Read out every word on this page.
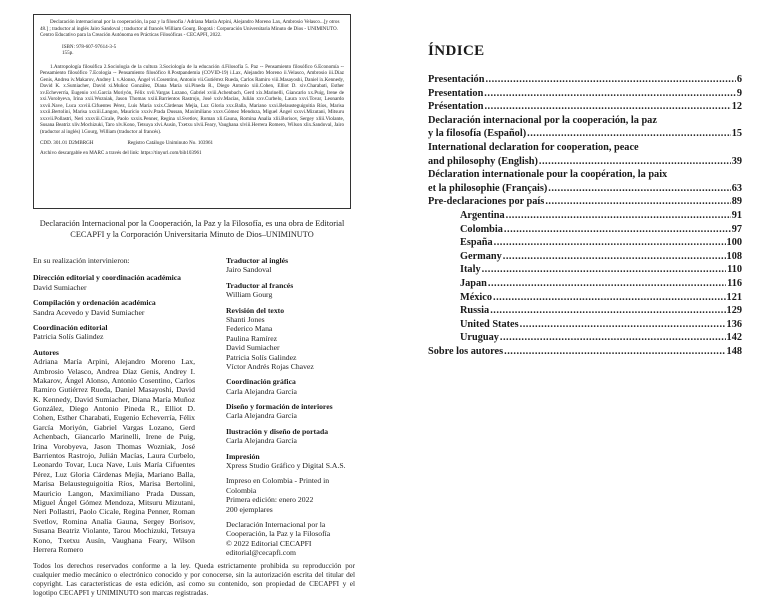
Declaración internacional por la cooperación, la paz y la filosofía / Adriana María Arpini, Alejandro Moreno Lax, Ambrosio Velasco...[y otros 48.] ; traductor al inglés Jairo Sandoval ; traductor al francés William Gourg. Bogotá : Corporación Universitaria Minuto de Dios - UNIMINUTO. Centro Educativo para la Creación Autónoma en Prácticas Filosóficas - CECAPFI, 2022.

ISBN: 978-607-97614-3-5
155p.

1.Antropología filosófica 2.Sociología de la cultura 3.Sociología de la educación 4.Filosofía 5. Paz -- Pensamiento filosófico 6.Economía -- Pensamiento filosófico 7.Ecología -- Pensamiento filosófico 8.Postpandemia (COVID-19) i.Lax, Alejandro Moreno ii.Velasco, Ambrosio iii.Díaz Genis, Andrea iv.Makarov, Andrey I. v.Alonso, Ángel vi.Cosentino, Antonio vii.Gutiérrez Rueda, Carlos Ramiro viii.Masayoshi, Daniel ix.Kennedy, David K. x.Sumiacher, David xi.Muñoz González, Diana María xii.Pineda R., Diego Antonio xiii.Cohen, Elliot D. xiv.Charabati, Esther xv.Echeverría, Eugenio xvi.García Moriyón, Félix xvii.Vargas Lozano, Gabriel xviii.Achenbach, Gerd xix.Marinelli, Giancarlo xx.Puig, Irene de xxi.Vorobyeva, Irina xxii.Wozniak, Jason Thomas xxiii.Barrientos Rastrojo, José xxiv.Macías, Julián xxv.Curbelo, Laura xxvi.Tovar, Leonardo xxvii.Nave, Luca xxviii.Cifuentes Pérez, Luis María xxix.Cárdenas Mejía, Luz Gloria xxx.Balla, Mariano xxxi.Belausteguigoitia Ríos, Marisa xxxii.Bertolini, Marisa xxxiii.Langon, Mauricio xxxiv.Prada Dussan, Maximiliano xxxv.Gómez Mendoza, Miguel Ángel xxxvi.Mizutani, Mitsuru xxxvii.Pollastri, Neri xxxviii.Cicale, Paolo xxxix.Penner, Regina xl.Svetlov, Roman xli.Gauna, Romina Analía xlii.Borisov, Sergey xliii.Violante, Susana Beatriz xliv.Mochizuki, Taro xlv.Kono, Tetsuya xlvi.Ausín, Txetxu xlvii.Feary, Vaughana xlviii.Herrera Romero, Wilson xlix.Sandoval, Jairo (traductor al inglés) l.Gourg, William (traductor al francés).

CDD. 301.01 D2MBRGH	Registro Catálogo Uniminuto No. 103961

Archivo descargable en MARC a través del link: https://tinyurl.com/bib103961

Declaración Internacional por la Cooperación, la Paz y la Filosofía, es una obra de Editorial CECAPFI y la Corporación Universitaria Minuto de Dios–UNIMINUTO

En su realización intervinieron:

Dirección editorial y coordinación académica
David Sumiacher
Compilación y ordenación académica
Sandra Acevedo y David Sumiacher
Coordinación editorial
Patricia Solís Galindez
Autores
Adriana María Arpini, Alejandro Moreno Lax, Ambrosio Velasco, Andrea Díaz Genis, Andrey I. Makarov, Ángel Alonso, Antonio Cosentino, Carlos Ramiro Gutiérrez Rueda, Daniel Masayoshi, David K. Kennedy, David Sumiacher, Diana María Muñoz González, Diego Antonio Pineda R., Elliot D. Cohen, Esther Charabati, Eugenio Echeverría, Félix García Moriyón, Gabriel Vargas Lozano, Gerd Achenbach, Giancarlo Marinelli, Irene de Puig, Irina Vorobyeva, Jason Thomas Wozniak, José Barrientos Rastrojo, Julián Macías, Laura Curbelo, Leonardo Tovar, Luca Nave, Luis María Cifuentes Pérez, Luz Gloria Cárdenas Mejía, Mariano Balla, Marisa Belausteguigoitia Ríos, Marisa Bertolini, Mauricio Langon, Maximiliano Prada Dussan, Miguel Ángel Gómez Mendoza, Mitsuru Mizutani, Neri Pollastri, Paolo Cicale, Regina Penner, Roman Svetlov, Romina Analía Gauna, Sergey Borisov, Susana Beatriz Violante, Tarou Mochizuki, Tetsuya Kono, Txetxu Ausín, Vaughana Feary, Wilson Herrera Romero
Traductor al inglés
Jairo Sandoval
Traductor al francés
William Gourg
Revisión del texto
Shanti Jones
Federico Mana
Paulina Ramírez
David Sumiacher
Patricia Solís Galindez
Víctor Andrés Rojas Chavez
Coordinación gráfica
Carla Alejandra García
Diseño y formación de interiores
Carla Alejandra García
Ilustración y diseño de portada
Carla Alejandra García
Impresión
Xpress Studio Gráfico y Digital S.A.S.
Impreso en Colombia - Printed in Colombia
Primera edición: enero 2022
200 ejemplares
Declaración Internacional por la
Cooperación, la Paz y la Filosofía
© 2022 Editorial CECAPFI
editorial@cecapfi.com

Todos los derechos reservados conforme a la ley. Queda estrictamente prohibida su reproducción por cualquier medio mecánico o electrónico conocido y por conocerse, sin la autorización escrita del titular del copyright. Las características de esta edición, así como su contenido, son propiedad de CECAPFI y el logotipo CECAPFI y UNIMINUTO son marcas registradas.

ÍNDICE
Presentación .....	6
Presentation .....	9
Présentation .....	12
Declaración internacional por la cooperación, la paz
y la filosofía (Español) .....	15
International declaration for cooperation, peace
and philosophy (English) .....	39
Déclaration internationale pour la coopération, la paix
et la philosophie (Français) .....	63
Pre-declaraciones por país .....	89
Argentina .....	91
Colombia .....	97
España .....	100
Germany .....	108
Italy .....	110
Japan .....	116
México .....	121
Russia .....	129
United States .....	136
Uruguay .....	142
Sobre los autores .....	148
